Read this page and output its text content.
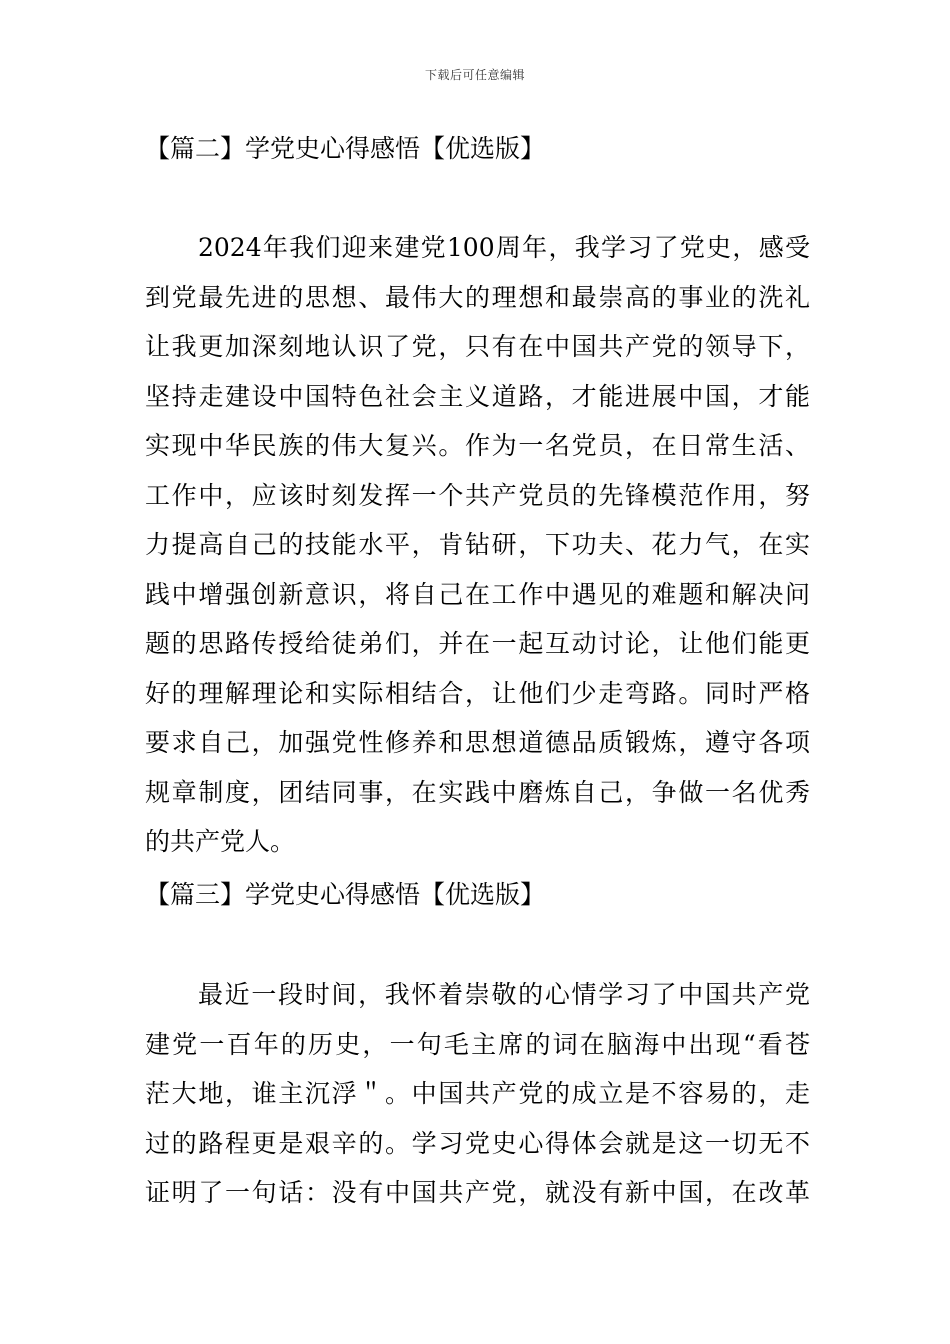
下载后可任意编辑
【篇二】学党史心得感悟【优选版】
2024年我们迎来建党100周年，我学习了党史，感受
到党最先进的思想、最伟大的理想和最崇高的事业的洗礼
让我更加深刻地认识了党，只有在中国共产党的领导下，
坚持走建设中国特色社会主义道路，才能进展中国，才能
实现中华民族的伟大复兴。作为一名党员，在日常生活、
工作中，应该时刻发挥一个共产党员的先锋模范作用，努
力提高自己的技能水平，肯钻研，下功夫、花力气，在实
践中增强创新意识，将自己在工作中遇见的难题和解决问
题的思路传授给徒弟们，并在一起互动讨论，让他们能更
好的理解理论和实际相结合，让他们少走弯路。同时严格
要求自己，加强党性修养和思想道德品质锻炼，遵守各项
规章制度，团结同事，在实践中磨炼自己，争做一名优秀
的共产党人。
【篇三】学党史心得感悟【优选版】
最近一段时间，我怀着崇敬的心情学习了中国共产党
建党一百年的历史，一句毛主席的词在脑海中出现“看苍
茫大地，谁主沉浮＂。中国共产党的成立是不容易的，走
过的路程更是艰辛的。学习党史心得体会就是这一切无不
证明了一句话：没有中国共产党，就没有新中国，在改革
